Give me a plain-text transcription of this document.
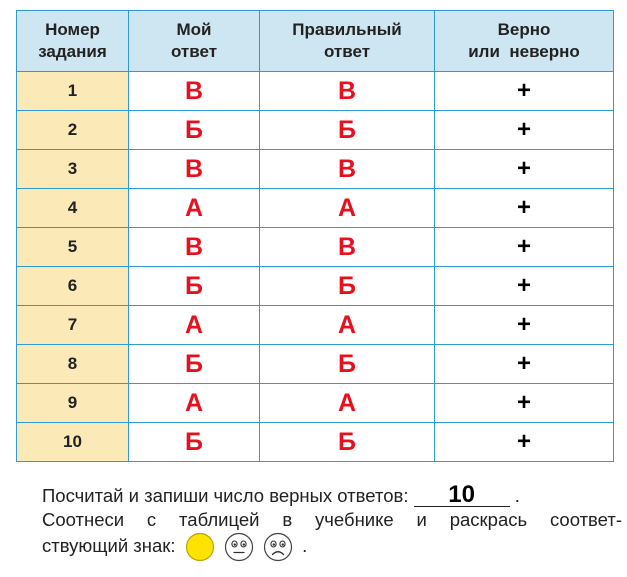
Номер
задания	Мой
ответ	Правильный
ответ	Верно
или  неверно

1	В	В	+
2	Б	Б	+
3	В	В	+
4	А	А	+
5	В	В	+
6	Б	Б	+
7	А	А	+
8	Б	Б	+
9	А	А	+
10	Б	Б	+
Посчитай и запиши число верных ответов: 10 .
Соотнеси с таблицей в учебнике и раскрась соответ-
ствующий знак:	.
